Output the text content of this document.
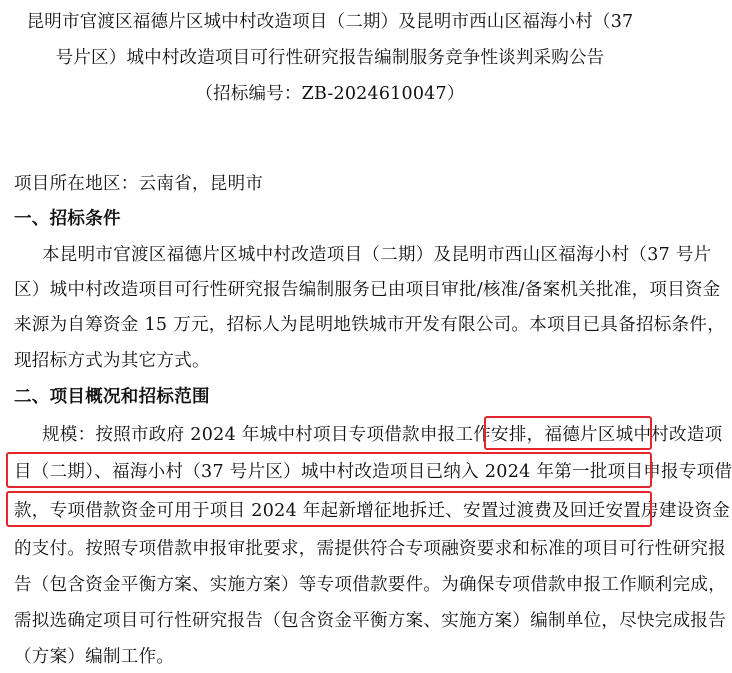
昆明市官渡区福德片区城中村改造项目（二期）及昆明市西山区福海小村（37
号片区）城中村改造项目可行性研究报告编制服务竞争性谈判采购公告
（招标编号：ZB-2024610047）
项目所在地区：云南省，昆明市
一、招标条件
本昆明市官渡区福德片区城中村改造项目（二期）及昆明市西山区福海小村（37 号片
区）城中村改造项目可行性研究报告编制服务已由项目审批/核准/备案机关批准，项目资金
来源为自筹资金 15 万元，招标人为昆明地铁城市开发有限公司。本项目已具备招标条件，
现招标方式为其它方式。
二、项目概况和招标范围
规模：按照市政府 2024 年城中村项目专项借款申报工作安排，福德片区城中村改造项
目（二期）、福海小村（37 号片区）城中村改造项目已纳入 2024 年第一批项目申报专项借
款，专项借款资金可用于项目 2024 年起新增征地拆迁、安置过渡费及回迁安置房建设资金
的支付。按照专项借款申报审批要求，需提供符合专项融资要求和标准的项目可行性研究报
告（包含资金平衡方案、实施方案）等专项借款要件。为确保专项借款申报工作顺利完成，
需拟选确定项目可行性研究报告（包含资金平衡方案、实施方案）编制单位，尽快完成报告
（方案）编制工作。
